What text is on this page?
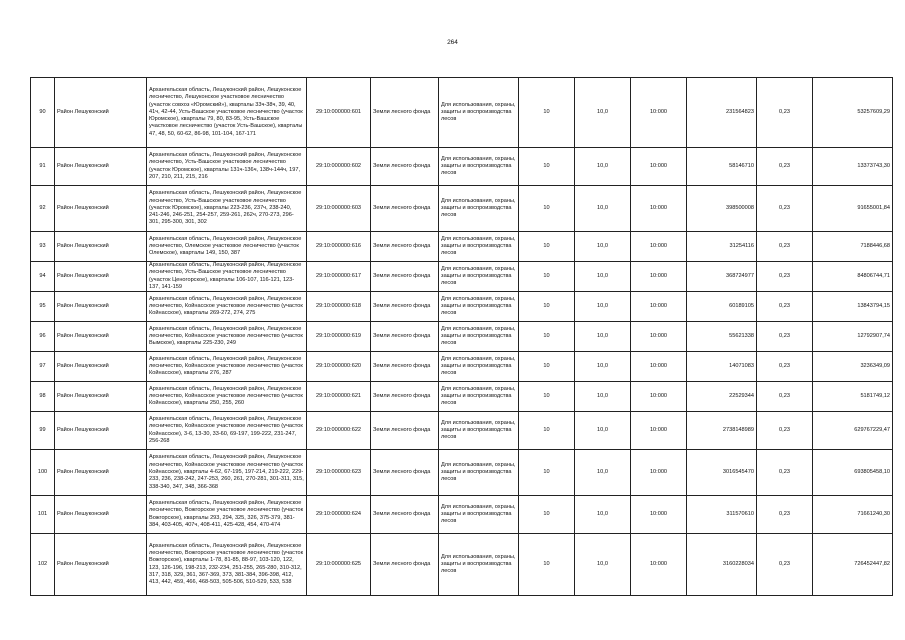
264
90	Район Лешуконский	Архангельская область, Лешуконский район, Лешуконское лесничество, Лешуконское участковое лесничество (участок совхоз «Юромский»), кварталы 33ч-38ч, 39, 40, 41ч, 42-44, Усть-Вашское участковое лесничество (участок Юромское), кварталы 79, 80, 83-95, Усть-Вашское участковое лесничество (участок Усть-Вашское), кварталы 47, 48, 50, 60-62, 86-98, 101-104, 167-171	29:10:000000:601	Земли лесного фонда	Для использования, охраны, защиты и воспроизводства лесов	10	10,0	10:000	231564823	0,23	53257609,29
91	Район Лешуконский	Архангельская область, Лешуконский район, Лешуконское лесничество, Усть-Вашское участковое лесничество (участок Юромское), кварталы 131ч-136ч, 138ч-144ч, 197, 207, 210, 211, 215, 216	29:10:000000:602	Земли лесного фонда	Для использования, охраны, защиты и воспроизводства лесов	10	10,0	10:000	58146710	0,23	13373743,30
92	Район Лешуконский	Архангельская область, Лешуконский район, Лешуконское лесничество, Усть-Вашское участковое лесничество (участок Юромское), кварталы 223-236, 237ч, 238-240, 241-246, 246-251, 254-257, 259-261, 262ч, 270-273, 296-301, 295-300, 301, 302	29:10:000000:603	Земли лесного фонда	Для использования, охраны, защиты и воспроизводства лесов	10	10,0	10:000	398500008	0,23	91655001,84
93	Район Лешуконский	Архангельская область, Лешуконский район, Лешуконское лесничество, Олемское участковое лесничество (участок Олемское), кварталы 149, 150, 387	29:10:000000:616	Земли лесного фонда	Для использования, охраны, защиты и воспроизводства лесов	10	10,0	10:000	31254116	0,23	7188446,68
94	Район Лешуконский	Архангельская область, Лешуконский район, Лешуконское лесничество, Усть-Вашское участковое лесничество (участок Ценогорское), кварталы 106-107, 116-121, 123-137, 141-159	29:10:000000:617	Земли лесного фонда	Для использования, охраны, защиты и воспроизводства лесов	10	10,0	10:000	368724977	0,23	84806744,71
95	Район Лешуконский	Архангельская область, Лешуконский район, Лешуконское лесничество, Койнасское участковое лесничество (участок Койнасское), кварталы 269-272, 274, 275	29:10:000000:618	Земли лесного фонда	Для использования, охраны, защиты и воспроизводства лесов	10	10,0	10:000	60189105	0,23	13843794,15
96	Район Лешуконский	Архангельская область, Лешуконский район, Лешуконское лесничество, Койнасское участковое лесничество (участок Вымское), кварталы 225-230, 249	29:10:000000:619	Земли лесного фонда	Для использования, охраны, защиты и воспроизводства лесов	10	10,0	10:000	55621338	0,23	12792907,74
97	Район Лешуконский	Архангельская область, Лешуконский район, Лешуконское лесничество, Койнасское участковое лесничество (участок Койнасское), кварталы 276, 287	29:10:000000:620	Земли лесного фонда	Для использования, охраны, защиты и воспроизводства лесов	10	10,0	10:000	14071083	0,23	3236349,09
98	Район Лешуконский	Архангельская область, Лешуконский район, Лешуконское лесничество, Койнасское участковое лесничество (участок Койнасское), кварталы 250, 255, 260	29:10:000000:621	Земли лесного фонда	Для использования, охраны, защиты и воспроизводства лесов	10	10,0	10:000	22529344	0,23	5181749,12
99	Район Лешуконский	Архангельская область, Лешуконский район, Лешуконское лесничество, Койнасское участковое лесничество (участок Койнасское), 3-6, 13-30, 33-60, 69-197, 199-222, 231-247, 256-268	29:10:000000:622	Земли лесного фонда	Для использования, охраны, защиты и воспроизводства лесов	10	10,0	10:000	2738148989	0,23	629767229,47
100	Район Лешуконский	Архангельская область, Лешуконский район, Лешуконское лесничество, Койнасское участковое лесничество (участок Койнасское), кварталы 4-62, 67-195, 197-214, 219-222, 229-233, 236, 238-242, 247-253, 260, 261, 270-281, 301-311, 315, 338-340, 347, 348, 366-368	29:10:000000:623	Земли лесного фонда	Для использования, охраны, защиты и воспроизводства лесов	10	10,0	10:000	3016545470	0,23	693805458,10
101	Район Лешуконский	Архангельская область, Лешуконский район, Лешуконское лесничество, Вожгорское участковое лесничество (участок Вожгорское), кварталы 293, 294, 325, 326, 375-379, 381-384, 403-405, 407ч, 408-411, 425-428, 454, 470-474	29:10:000000:624	Земли лесного фонда	Для использования, охраны, защиты и воспроизводства лесов	10	10,0	10:000	311570610	0,23	71661240,30
102	Район Лешуконский	Архангельская область, Лешуконский район, Лешуконское лесничество, Вожгорское участковое лесничество (участок Вожгорское), кварталы 1-78, 81-85, 88-97, 103-120, 122, 123, 126-196, 198-213, 232-234, 251-255, 265-280, 310-312, 317, 318, 329, 361, 367-369, 373, 381-384, 396-398, 412, 413, 442, 459, 466, 468-503, 505-506, 510-529, 533, 538	29:10:000000:625	Земли лесного фонда	Для использования, охраны, защиты и воспроизводства лесов	10	10,0	10:000	3160228034	0,23	726452447,82
